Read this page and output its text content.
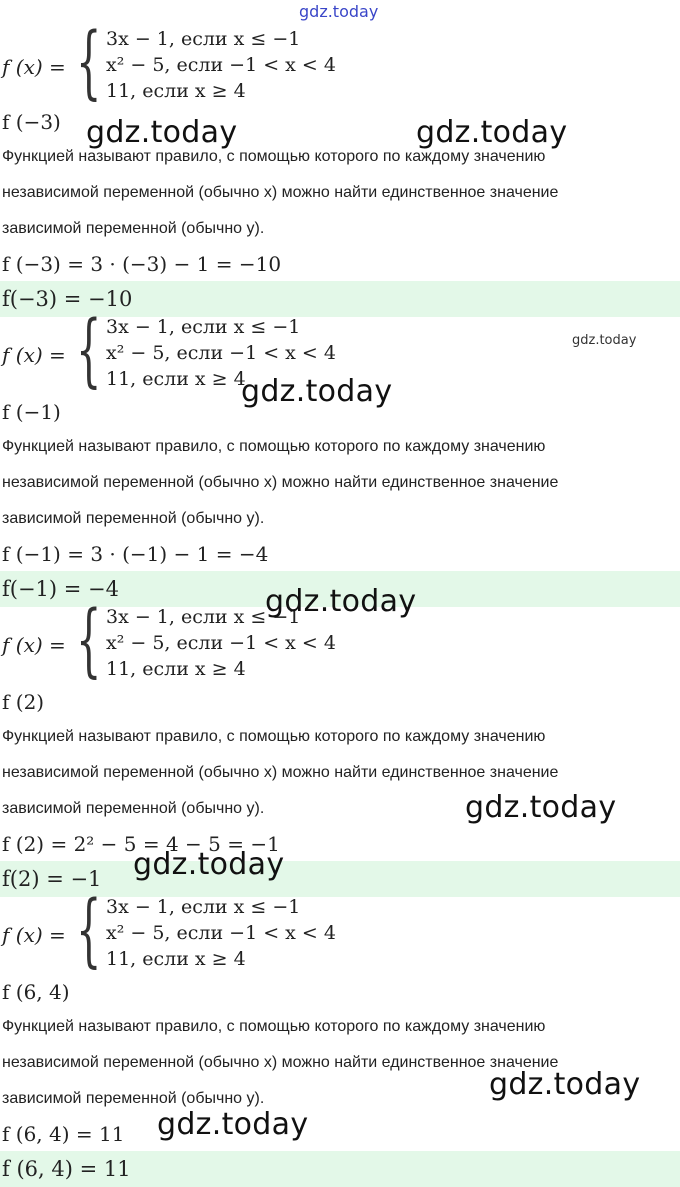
gdz.today
f (x) = { 3x − 1, если x ≤ −1
x² − 5, если −1 < x < 4
11, если x ≥ 4
f (−3)
Функцией называют правило, с помощью которого по каждому значению
независимой переменной (обычно x) можно найти единственное значение
зависимой переменной (обычно y).
f (−3) = 3 · (−3) − 1 = −10
f(−3) = −10
f (x) = { 3x − 1, если x ≤ −1
x² − 5, если −1 < x < 4
11, если x ≥ 4
f (−1)
Функцией называют правило, с помощью которого по каждому значению
независимой переменной (обычно x) можно найти единственное значение
зависимой переменной (обычно y).
f (−1) = 3 · (−1) − 1 = −4
f(−1) = −4
f (x) = { 3x − 1, если x ≤ −1
x² − 5, если −1 < x < 4
11, если x ≥ 4
f (2)
Функцией называют правило, с помощью которого по каждому значению
независимой переменной (обычно x) можно найти единственное значение
зависимой переменной (обычно y).
f (2) = 2² − 5 = 4 − 5 = −1
f(2) = −1
f (x) = { 3x − 1, если x ≤ −1
x² − 5, если −1 < x < 4
11, если x ≥ 4
f (6, 4)
Функцией называют правило, с помощью которого по каждому значению
независимой переменной (обычно x) можно найти единственное значение
зависимой переменной (обычно y).
f (6, 4) = 11
f (6, 4) = 11
gdz.today	gdz.today
gdz.today
gdz.today
gdz.today
gdz.today
gdz.today
gdz.today
gdz.today
